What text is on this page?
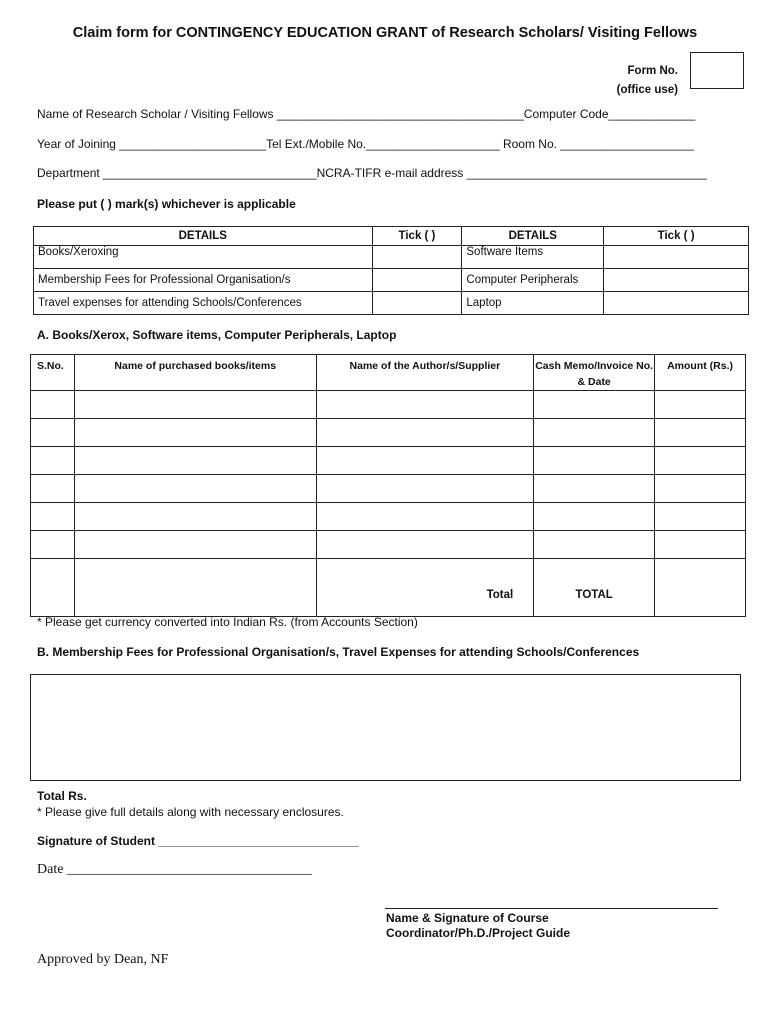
Claim form for CONTINGENCY EDUCATION GRANT of Research Scholars/ Visiting Fellows
Form No.
(office use)
Name of Research Scholar / Visiting Fellows _____________________________________Computer Code_____________
Year of Joining ______________________Tel Ext./Mobile No.____________________ Room No. ____________________
Department ________________________________NCRA-TIFR e-mail address ____________________________________
Please put ( ) mark(s) whichever is applicable
DETAILS	Tick ( )	DETAILS	Tick ( )
Books/Xeroxing		Software Items	
Membership Fees for Professional Organisation/s		Computer Peripherals	
Travel expenses for attending Schools/Conferences		Laptop	
A. Books/Xerox, Software items, Computer Peripherals, Laptop
S.No.	Name of purchased books/items	Name of the Author/s/Supplier	Cash Memo/Invoice No. & Date	Amount (Rs.)

		Total	TOTAL	
* Please get currency converted into Indian Rs. (from Accounts Section)
B. Membership Fees for Professional Organisation/s, Travel Expenses for attending Schools/Conferences
Total Rs.
* Please give full details along with necessary enclosures.
Signature of Student ______________________________
Date ___________________________________
Name & Signature of Course
Coordinator/Ph.D./Project Guide
Approved by Dean, NF
